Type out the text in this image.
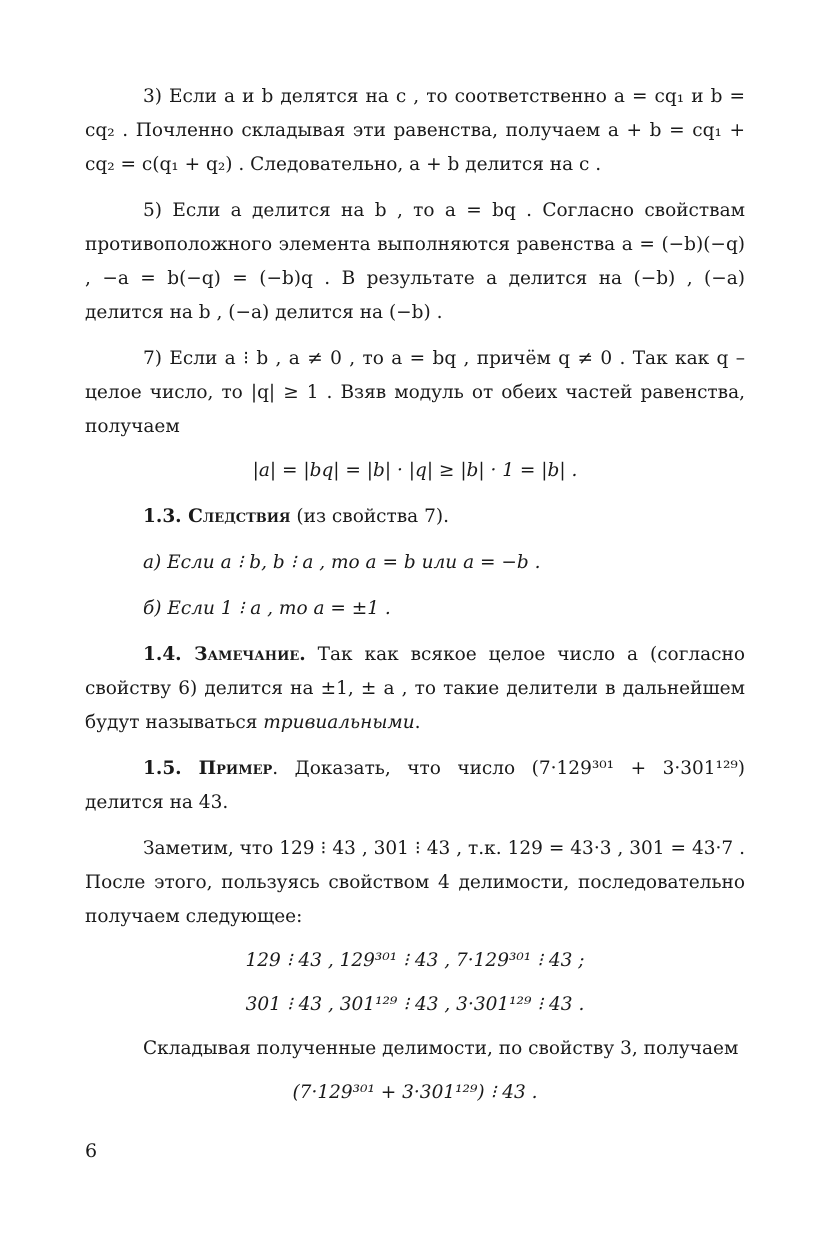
3) Если a и b делятся на c , то соответственно a = cq₁ и b = cq₂ . Почленно складывая эти равенства, получаем a + b = cq₁ + cq₂ = c(q₁ + q₂) . Следовательно, a + b делится на c .

5) Если a делится на b , то a = bq . Согласно свойствам противоположного элемента выполняются равенства a = (−b)(−q) , −a = b(−q) = (−b)q . В результате a делится на (−b) , (−a) делится на b , (−a) делится на (−b) .

7) Если a ⁝ b , a ≠ 0 , то a = bq , причём q ≠ 0 . Так как q – целое число, то |q| ≥ 1 . Взяв модуль от обеих частей равенства, получаем

|a| = |bq| = |b| · |q| ≥ |b| · 1 = |b| .

1.3. Следствия (из свойства 7).

а) Если a ⁝ b, b ⁝ a , то a = b или a = −b .

б) Если 1 ⁝ a , то a = ±1 .

1.4. Замечание. Так как всякое целое число a (согласно свойству 6) делится на ±1, ± a , то такие делители в дальнейшем будут называться тривиальными.

1.5. Пример. Доказать, что число (7·129³⁰¹ + 3·301¹²⁹) делится на 43.

Заметим, что 129 ⁝ 43 , 301 ⁝ 43 , т.к. 129 = 43·3 , 301 = 43·7 . После этого, пользуясь свойством 4 делимости, последовательно получаем следующее:

129 ⁝ 43 , 129³⁰¹ ⁝ 43 , 7·129³⁰¹ ⁝ 43 ;

301 ⁝ 43 , 301¹²⁹ ⁝ 43 , 3·301¹²⁹ ⁝ 43 .

Складывая полученные делимости, по свойству 3, получаем

(7·129³⁰¹ + 3·301¹²⁹) ⁝ 43 .

6
